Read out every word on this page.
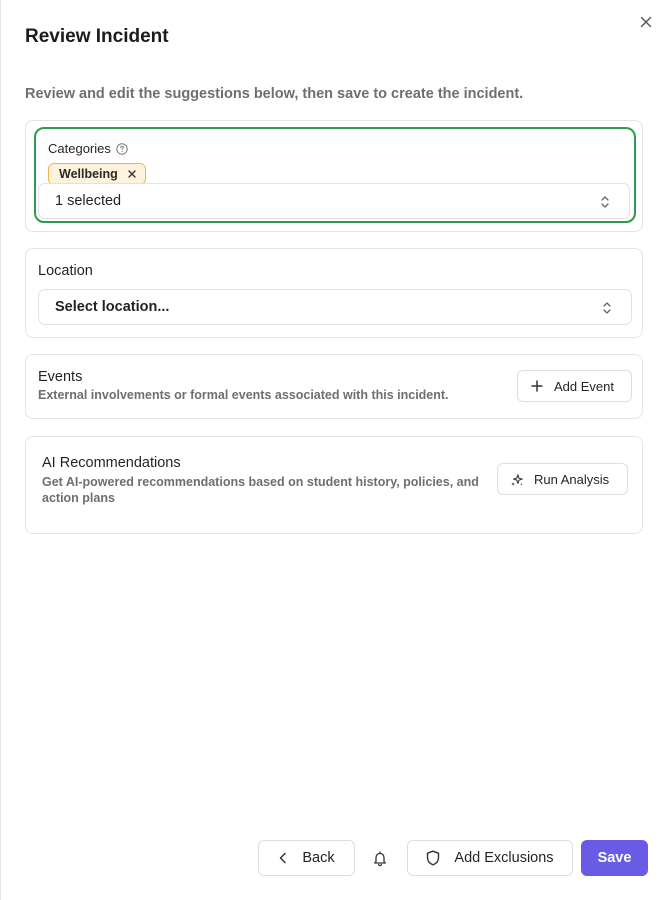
Review Incident
Review and edit the suggestions below, then save to create the incident.
Categories
Wellbeing
1 selected
Location
Select location...
Events
External involvements or formal events associated with this incident.
Add Event
AI Recommendations
Get AI-powered recommendations based on student history, policies, and action plans
Run Analysis
Back	Add Exclusions	Save
